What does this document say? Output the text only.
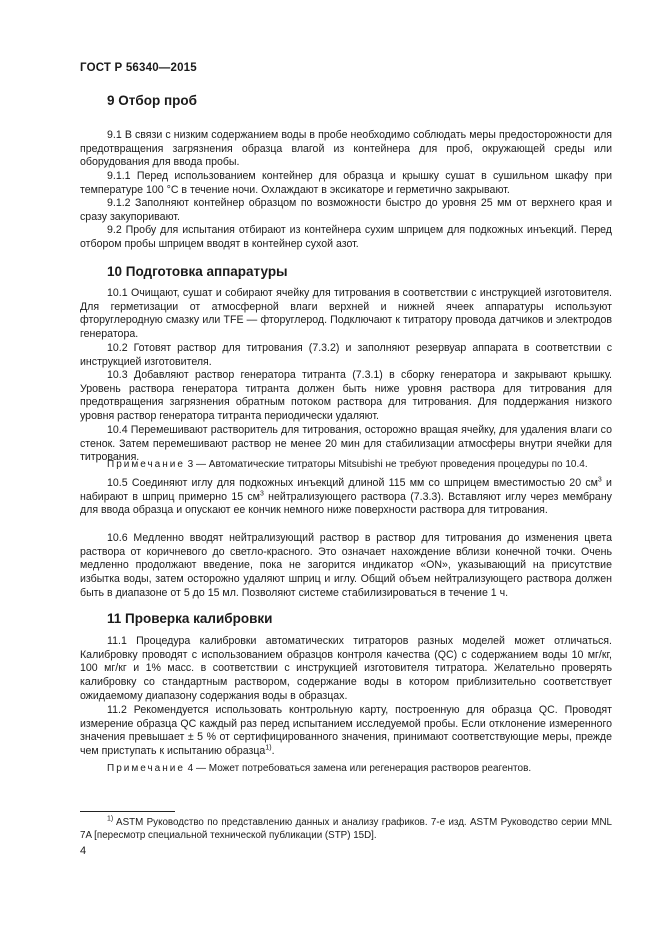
ГОСТ Р 56340—2015
9 Отбор проб
9.1 В связи с низким содержанием воды в пробе необходимо соблюдать меры предосторожности для предотвращения загрязнения образца влагой из контейнера для проб, окружающей среды или оборудования для ввода пробы.
9.1.1 Перед использованием контейнер для образца и крышку сушат в сушильном шкафу при температуре 100 °С в течение ночи. Охлаждают в эксикаторе и герметично закрывают.
9.1.2 Заполняют контейнер образцом по возможности быстро до уровня 25 мм от верхнего края и сразу закупоривают.
9.2 Пробу для испытания отбирают из контейнера сухим шприцем для подкожных инъекций. Перед отбором пробы шприцем вводят в контейнер сухой азот.
10 Подготовка аппаратуры
10.1 Очищают, сушат и собирают ячейку для титрования в соответствии с инструкцией изготовителя. Для герметизации от атмосферной влаги верхней и нижней ячеек аппаратуры используют фторуглеродную смазку или TFE — фторуглерод. Подключают к титратору провода датчиков и электродов генератора.
10.2 Готовят раствор для титрования (7.3.2) и заполняют резервуар аппарата в соответствии с инструкцией изготовителя.
10.3 Добавляют раствор генератора титранта (7.3.1) в сборку генератора и закрывают крышку. Уровень раствора генератора титранта должен быть ниже уровня раствора для титрования для предотвращения загрязнения обратным потоком раствора для титрования. Для поддержания низкого уровня раствор генератора титранта периодически удаляют.
10.4 Перемешивают растворитель для титрования, осторожно вращая ячейку, для удаления влаги со стенок. Затем перемешивают раствор не менее 20 мин для стабилизации атмосферы внутри ячейки для титрования.
Примечание 3 — Автоматические титраторы Mitsubishi не требуют проведения процедуры по 10.4.
10.5 Соединяют иглу для подкожных инъекций длиной 115 мм со шприцем вместимостью 20 $см^3$ и набирают в шприц примерно 15 $см^3$ нейтрализующего раствора (7.3.3). Вставляют иглу через мембрану для ввода образца и опускают ее кончик немного ниже поверхности раствора для титрования.
10.6 Медленно вводят нейтрализующий раствор в раствор для титрования до изменения цвета раствора от коричневого до светло-красного. Это означает нахождение вблизи конечной точки. Очень медленно продолжают введение, пока не загорится индикатор «ON», указывающий на присутствие избытка воды, затем осторожно удаляют шприц и иглу. Общий объем нейтрализующего раствора должен быть в диапазоне от 5 до 15 мл. Позволяют системе стабилизироваться в течение 1 ч.
11 Проверка калибровки
11.1 Процедура калибровки автоматических титраторов разных моделей может отличаться. Калибровку проводят с использованием образцов контроля качества (QC) с содержанием воды 10 мг/кг, 100 мг/кг и 1% масс. в соответствии с инструкцией изготовителя титратора. Желательно проверять калибровку со стандартным раствором, содержание воды в котором приблизительно соответствует ожидаемому диапазону содержания воды в образцах.
11.2 Рекомендуется использовать контрольную карту, построенную для образца QC. Проводят измерение образца QC каждый раз перед испытанием исследуемой пробы. Если отклонение измеренного значения превышает ± 5 % от сертифицированного значения, принимают соответствующие меры, прежде чем приступать к испытанию образца$^{1)}$.
Примечание 4 — Может потребоваться замена или регенерация растворов реагентов.
$^{1)}$ ASTM Руководство по представлению данных и анализу графиков. 7-е изд. ASTM Руководство серии MNL 7A [пересмотр специальной технической публикации (STP) 15D].
4
